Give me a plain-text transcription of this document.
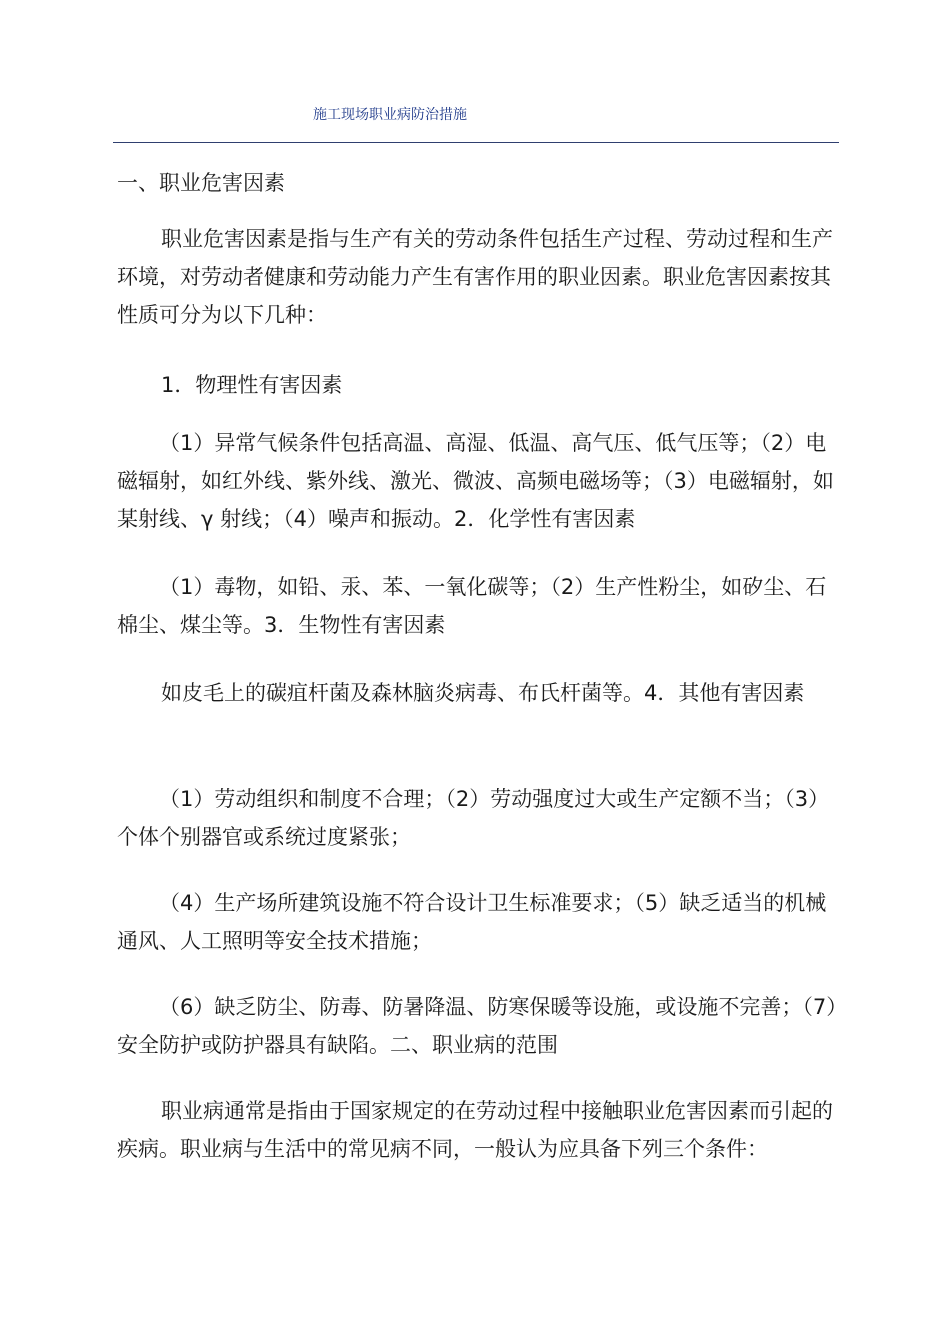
施工现场职业病防治措施

一、职业危害因素

职业危害因素是指与生产有关的劳动条件包括生产过程、劳动过程和生产环境，对劳动者健康和劳动能力产生有害作用的职业因素。职业危害因素按其性质可分为以下几种：

1．物理性有害因素

（1）异常气候条件包括高温、高湿、低温、高气压、低气压等；（2）电磁辐射，如红外线、紫外线、激光、微波、高频电磁场等；（3）电磁辐射，如某射线、γ 射线；（4）噪声和振动。2．化学性有害因素

（1）毒物，如铅、汞、苯、一氧化碳等；（2）生产性粉尘，如矽尘、石棉尘、煤尘等。3．生物性有害因素

如皮毛上的碳疽杆菌及森林脑炎病毒、布氏杆菌等。4．其他有害因素

（1）劳动组织和制度不合理；（2）劳动强度过大或生产定额不当；（3）个体个别器官或系统过度紧张；

（4）生产场所建筑设施不符合设计卫生标准要求；（5）缺乏适当的机械通风、人工照明等安全技术措施；

（6）缺乏防尘、防毒、防暑降温、防寒保暖等设施，或设施不完善；（7）安全防护或防护器具有缺陷。二、职业病的范围

职业病通常是指由于国家规定的在劳动过程中接触职业危害因素而引起的疾病。职业病与生活中的常见病不同，一般认为应具备下列三个条件：
